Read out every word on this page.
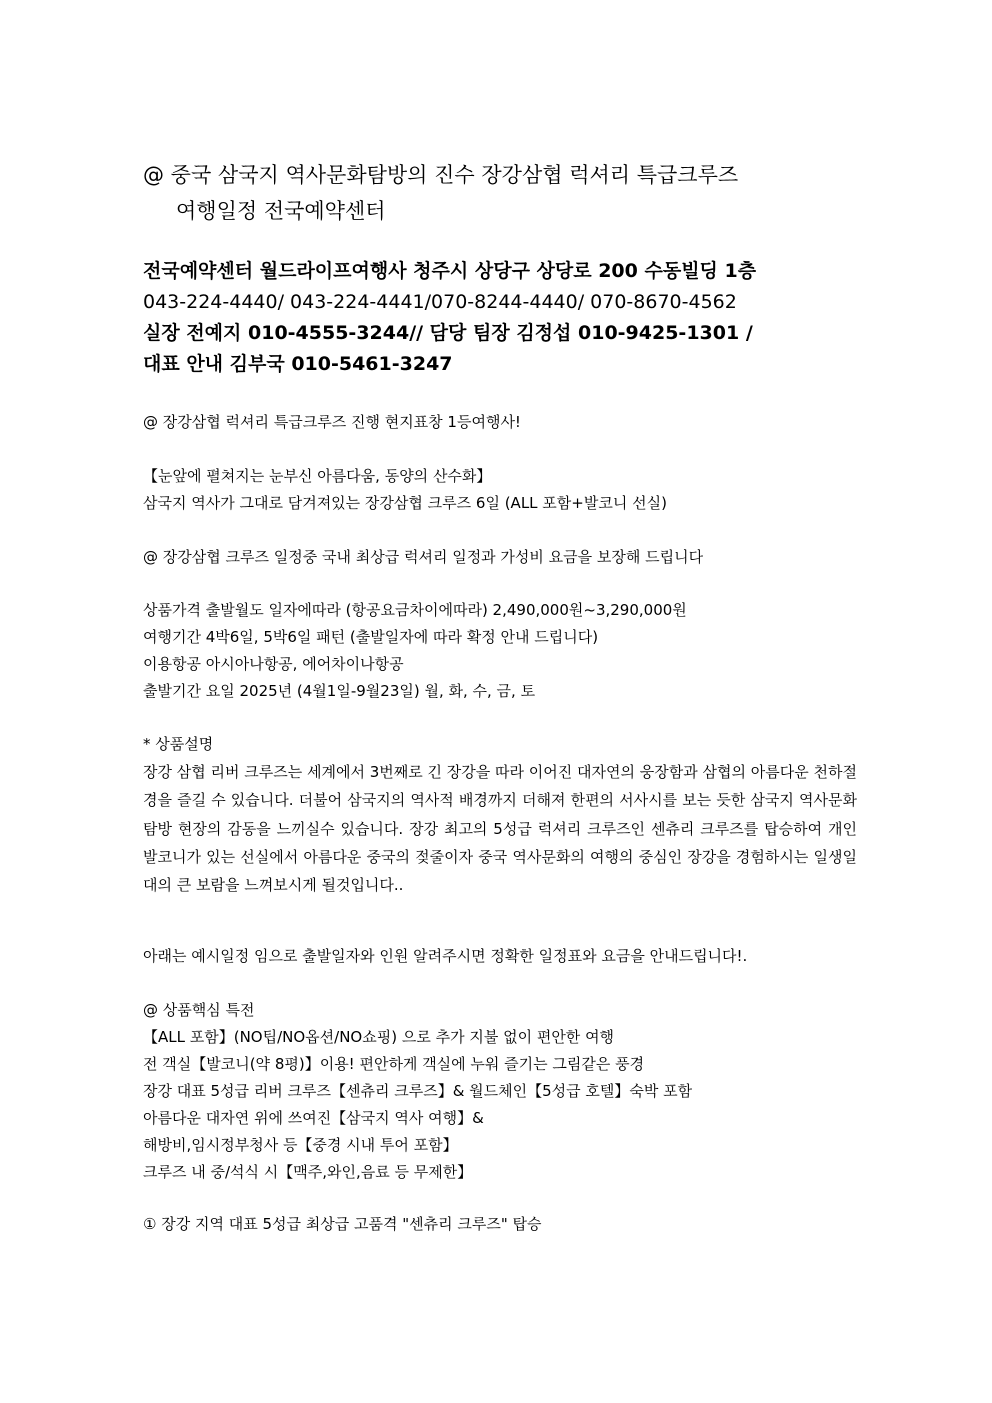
@ 중국 삼국지 역사문화탐방의 진수 장강삼협 럭셔리 특급크루즈
여행일정 전국예약센터
전국예약센터 월드라이프여행사 청주시 상당구 상당로 200 수동빌딩 1층
043-224-4440/ 043-224-4441/070-8244-4440/ 070-8670-4562
실장 전예지 010-4555-3244// 담당 팀장 김정섭 010-9425-1301 /
대표 안내 김부국 010-5461-3247
@ 장강삼협 럭셔리 특급크루즈 진행 현지표창 1등여행사!
【눈앞에 펼쳐지는 눈부신 아름다움, 동양의 산수화】
삼국지 역사가 그대로 담겨져있는 장강삼협 크루즈 6일 (ALL 포함+발코니 선실)
@ 장강삼협 크루즈 일정중 국내 최상급 럭셔리 일정과 가성비 요금을 보장해 드립니다
상품가격 출발월도 일자에따라 (항공요금차이에따라) 2,490,000원~3,290,000원
여행기간 4박6일, 5박6일 패턴 (출발일자에 따라 확정 안내 드립니다)
이용항공 아시아나항공, 에어차이나항공
출발기간 요일 2025년 (4월1일-9월23일) 월, 화, 수, 금, 토
* 상품설명
장강 삼협 리버 크루즈는 세계에서 3번째로 긴 장강을 따라 이어진 대자연의 웅장함과 삼협의 아름다운 천하절경을 즐길 수 있습니다. 더불어 삼국지의 역사적 배경까지 더해져 한편의 서사시를 보는 듯한 삼국지 역사문화탐방 현장의 감동을 느끼실수 있습니다. 장강 최고의 5성급 럭셔리 크루즈인 센츄리 크루즈를 탑승하여 개인 발코니가 있는 선실에서 아름다운 중국의 젖줄이자 중국 역사문화의 여행의 중심인 장강을 경험하시는 일생일대의 큰 보람을 느껴보시게 될것입니다..
아래는 예시일정 임으로 출발일자와 인원 알려주시면 정확한 일정표와 요금을 안내드립니다!.
@ 상품핵심 특전
【ALL 포함】(NO팁/NO옵션/NO쇼핑) 으로 추가 지불 없이 편안한 여행
전 객실【발코니(약 8평)】이용! 편안하게 객실에 누워 즐기는 그림같은 풍경
장강 대표 5성급 리버 크루즈【센츄리 크루즈】& 월드체인【5성급 호텔】숙박 포함
아름다운 대자연 위에 쓰여진【삼국지 역사 여행】&
해방비,임시정부청사 등【중경 시내 투어 포함】
크루즈 내 중/석식 시【맥주,와인,음료 등 무제한】
① 장강 지역 대표 5성급 최상급 고품격 "센츄리 크루즈" 탑승
